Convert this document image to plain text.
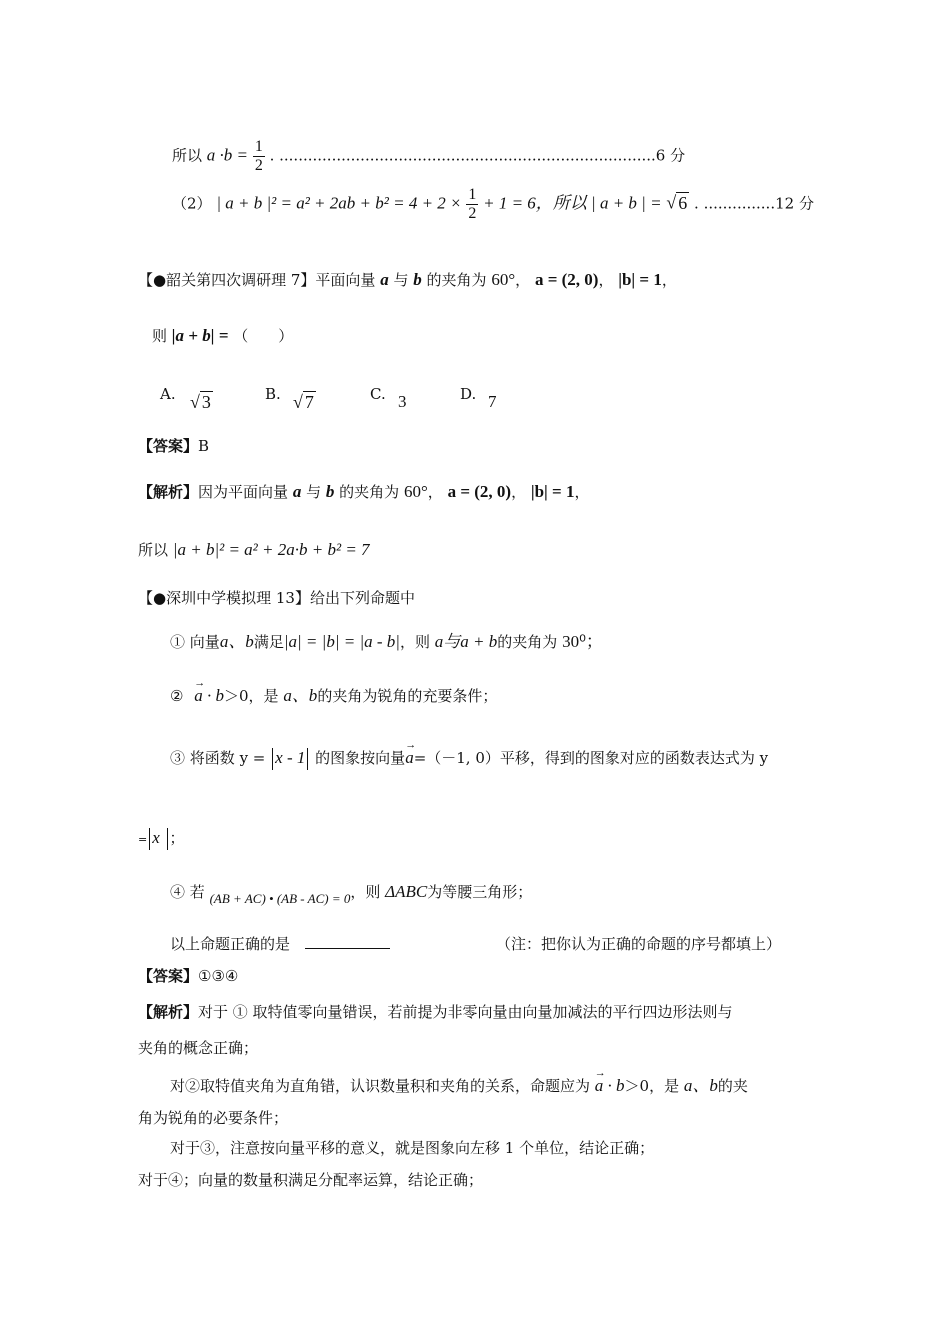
所以 $a \cdot b = \frac{1}{2}$ . ...............................................................................6 分
（2） | a + b $|^2 = a^2 + 2ab + b^2 = 4 + 2 \times \frac{1}{2} + 1 = 6$，所以 | a + b | = √ 6 . ...............12 分
【●韶关第四次调研理 7】平面向量 a 与 b 的夹角为 60°， a = (2, 0)， |b| = 1，
则 |a + b| = （　　）
A. √ 3	B. √ 7	C. 3	D. 7
【答案】B
【解析】因为平面向量 a 与 b 的夹角为 60°， a = (2, 0)， |b| = 1，
所以 |a + b|² = a² + 2a·b + b² = 7
【●深圳中学模拟理 13】给出下列命题中
① 向量a、b满足|a| = |b| = |a - b|，则 a与a + b的夹角为 30⁰；
② → a · b＞0，是 a、b的夹角为锐角的充要条件；
③ 将函数 y = x - 1 的图象按向量→ a=（－1, 0）平移，得到的图象对应的函数表达式为 y
= x ；
④ 若 (AB + AC) • (AB - AC) = 0，则 ΔABC为等腰三角形；
以上命题正确的是	（注：把你认为正确的命题的序号都填上）
【答案】①③④
【解析】对于 ① 取特值零向量错误，若前提为非零向量由向量加减法的平行四边形法则与
夹角的概念正确；
对②取特值夹角为直角错，认识数量积和夹角的关系，命题应为 → a · b＞0，是 a、b的夹
角为锐角的必要条件；
对于③，注意按向量平移的意义，就是图象向左移 1 个单位，结论正确；
对于④；向量的数量积满足分配率运算，结论正确；
